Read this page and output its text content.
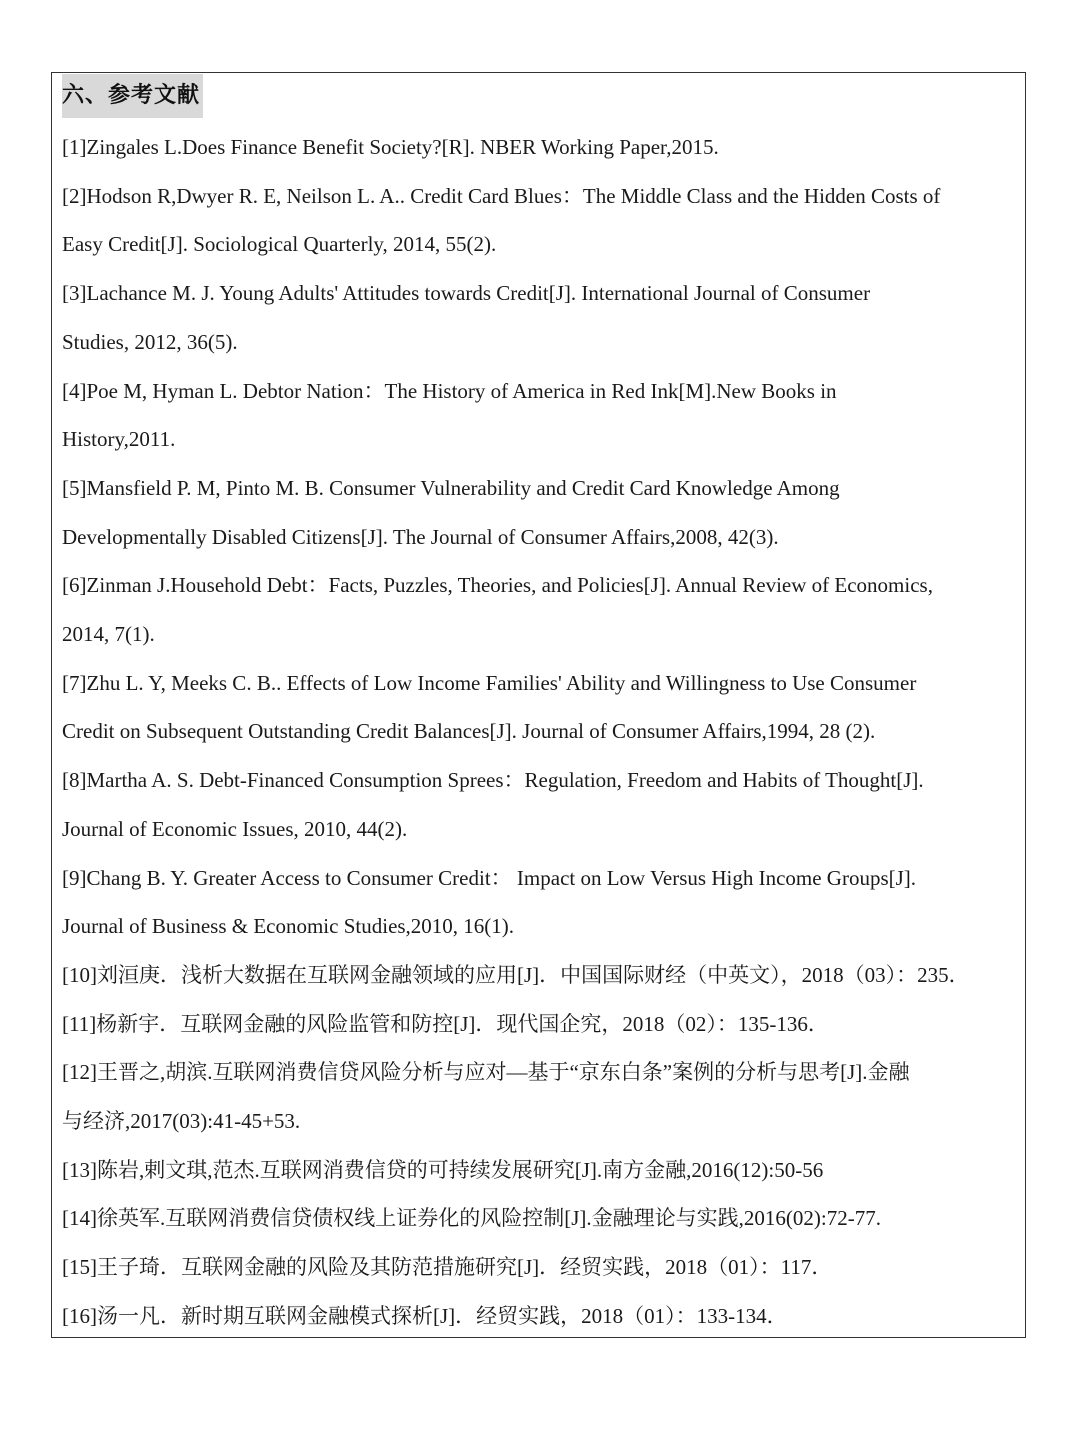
六、参考文献
[1]Zingales L.Does Finance Benefit Society?[R]. NBER Working Paper,2015.
[2]Hodson R,Dwyer R. E, Neilson L. A.. Credit Card Blues：The Middle Class and the Hidden Costs of
Easy Credit[J]. Sociological Quarterly, 2014, 55(2).
[3]Lachance M. J. Young Adults' Attitudes towards Credit[J]. International Journal of Consumer
Studies, 2012, 36(5).
[4]Poe M, Hyman L. Debtor Nation：The History of America in Red Ink[M].New Books in
History,2011.
[5]Mansfield P. M, Pinto M. B. Consumer Vulnerability and Credit Card Knowledge Among
Developmentally Disabled Citizens[J]. The Journal of Consumer Affairs,2008, 42(3).
[6]Zinman J.Household Debt：Facts, Puzzles, Theories, and Policies[J]. Annual Review of Economics,
2014, 7(1).
[7]Zhu L. Y, Meeks C. B.. Effects of Low Income Families' Ability and Willingness to Use Consumer
Credit on Subsequent Outstanding Credit Balances[J]. Journal of Consumer Affairs,1994, 28 (2).
[8]Martha A. S. Debt-Financed Consumption Sprees：Regulation, Freedom and Habits of Thought[J].
Journal of Economic Issues, 2010, 44(2).
[9]Chang B. Y. Greater Access to Consumer Credit： Impact on Low Versus High Income Groups[J].
Journal of Business & Economic Studies,2010, 16(1).
[10]刘洹庚．浅析大数据在互联网金融领域的应用[J]．中国国际财经（中英文），2018（03）：235．
[11]杨新宇．互联网金融的风险监管和防控[J]．现代国企究，2018（02）：135-136．
[12]王晋之,胡滨.互联网消费信贷风险分析与应对—基于“京东白条”案例的分析与思考[J].金融
与经济,2017(03):41-45+53.
[13]陈岩,剌文琪,范杰.互联网消费信贷的可持续发展研究[J].南方金融,2016(12):50-56
[14]徐英军.互联网消费信贷债权线上证券化的风险控制[J].金融理论与实践,2016(02):72-77.
[15]王子琦．互联网金融的风险及其防范措施研究[J]．经贸实践，2018（01）：117．
[16]汤一凡．新时期互联网金融模式探析[J]．经贸实践，2018（01）：133-134．
